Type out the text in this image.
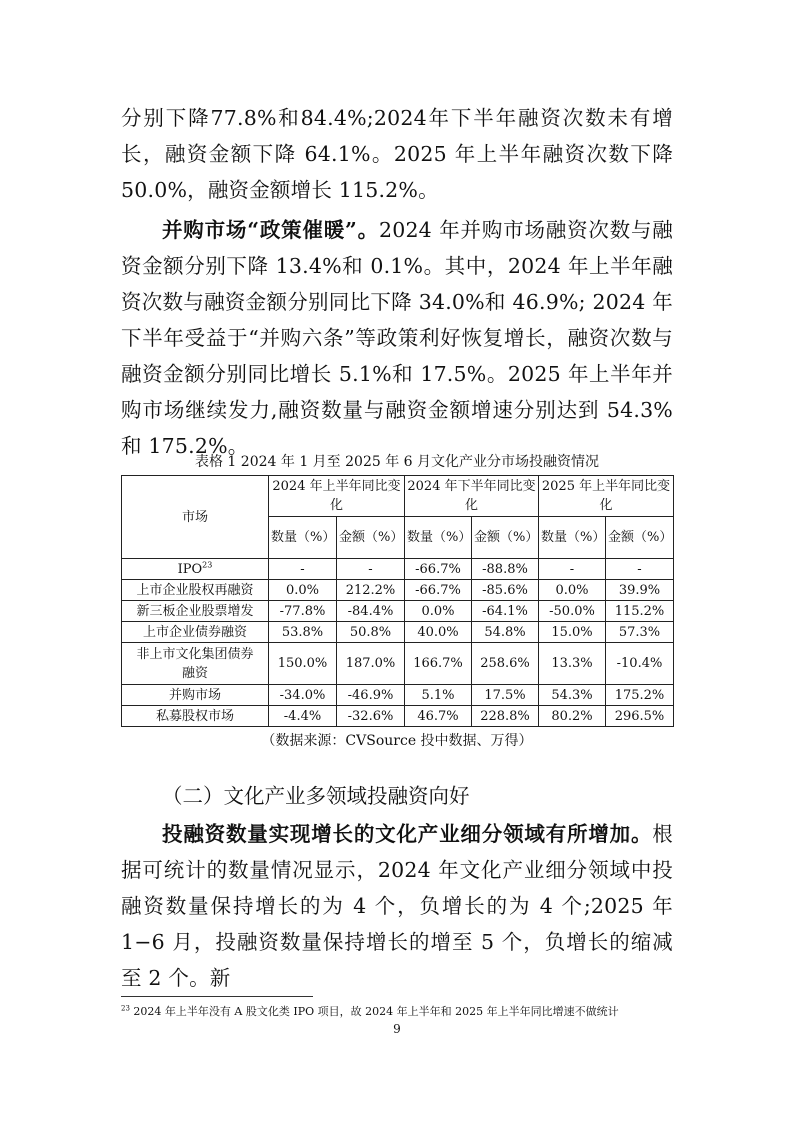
分别下降77.8%和84.4%;2024年下半年融资次数未有增长，融资金额下降 64.1%。2025 年上半年融资次数下降 50.0%，融资金额增长 115.2%。

并购市场“政策催暖”。2024 年并购市场融资次数与融资金额分别下降 13.4%和 0.1%。其中，2024 年上半年融资次数与融资金额分别同比下降 34.0%和 46.9%; 2024 年下半年受益于“并购六条”等政策利好恢复增长，融资次数与融资金额分别同比增长 5.1%和 17.5%。2025 年上半年并购市场继续发力,融资数量与融资金额增速分别达到 54.3%和 175.2%。

表格 1 2024 年 1 月至 2025 年 6 月文化产业分市场投融资情况
市场	2024 年上半年同比变化		2024 年下半年同比变化		2025 年上半年同比变化	
	数量（%）	金额（%）	数量（%）	金额（%）	数量（%）	金额（%）
IPO$^{23}$	-	-	-66.7%	-88.8%	-	-
上市企业股权再融资	0.0%	212.2%	-66.7%	-85.6%	0.0%	39.9%
新三板企业股票增发	-77.8%	-84.4%	0.0%	-64.1%	-50.0%	115.2%
上市企业债券融资	53.8%	50.8%	40.0%	54.8%	15.0%	57.3%
非上市文化集团债券融资	150.0%	187.0%	166.7%	258.6%	13.3%	-10.4%
并购市场	-34.0%	-46.9%	5.1%	17.5%	54.3%	175.2%
私募股权市场	-4.4%	-32.6%	46.7%	228.8%	80.2%	296.5%
（数据来源：CVSource 投中数据、万得）
（二）文化产业多领域投融资向好

投融资数量实现增长的文化产业细分领域有所增加。根据可统计的数量情况显示，2024 年文化产业细分领域中投融资数量保持增长的为 4 个，负增长的为 4 个;2025 年 1−6 月，投融资数量保持增长的增至 5 个，负增长的缩减至 2 个。新

$^{23}$ 2024 年上半年没有 A 股文化类 IPO 项目，故 2024 年上半年和 2025 年上半年同比增速不做统计
9
